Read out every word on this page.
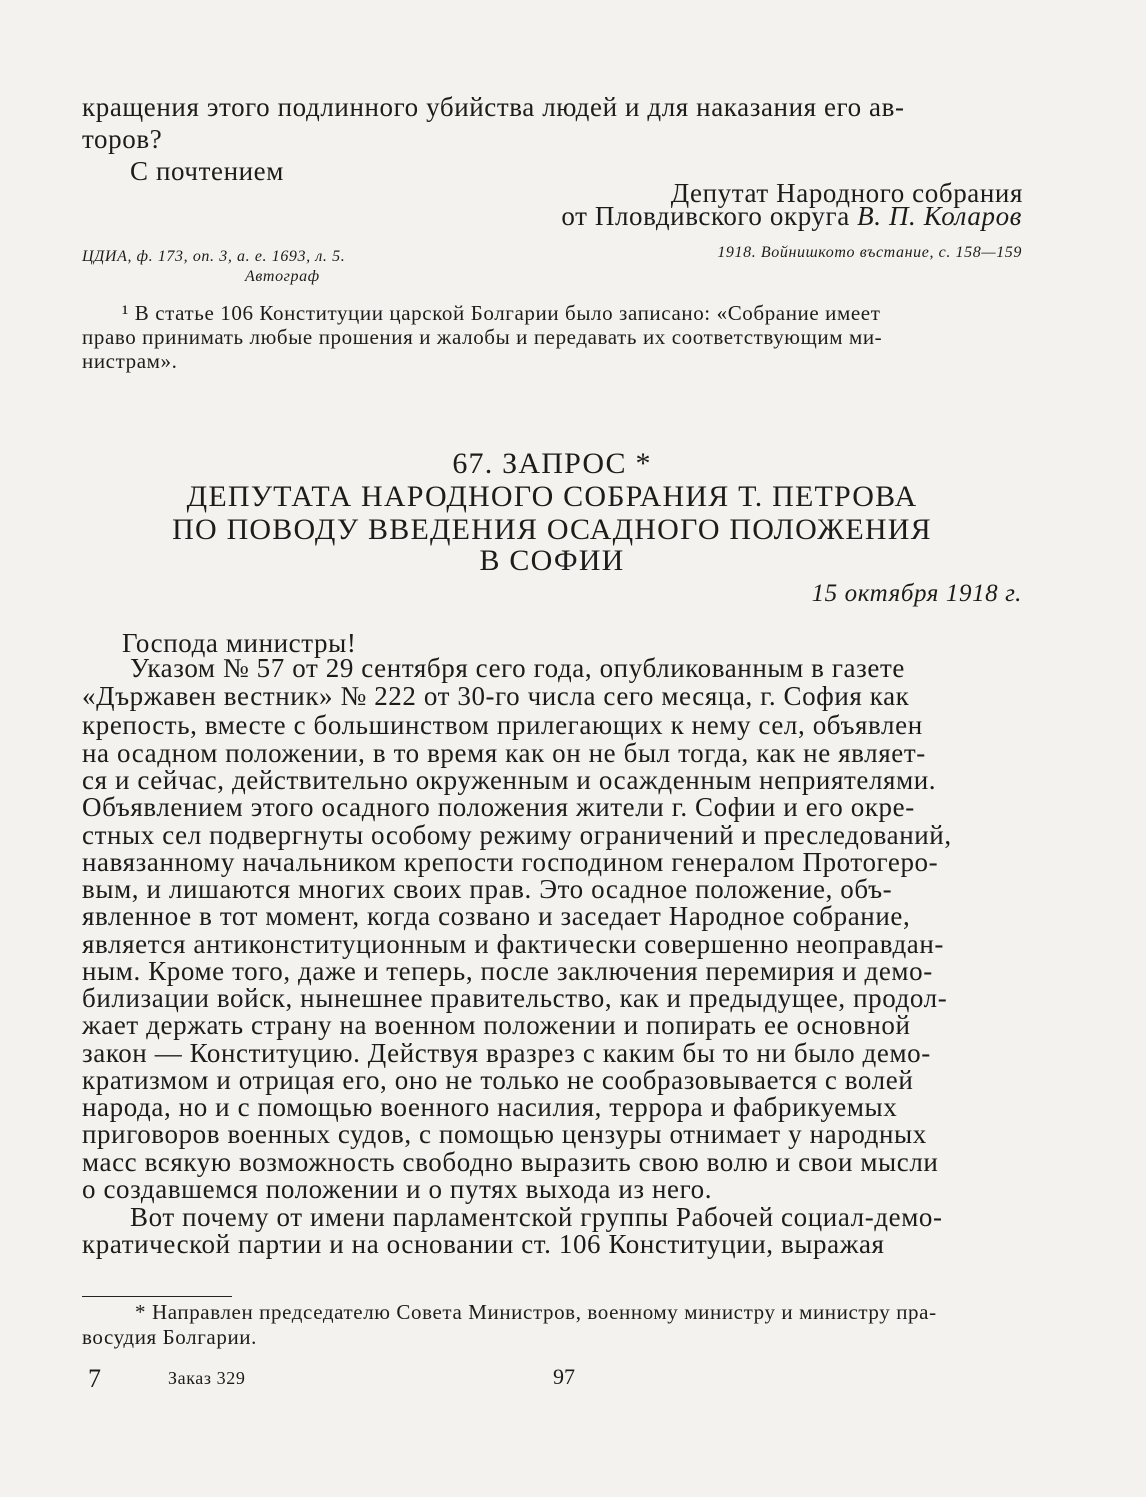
кращения этого подлинного убийства людей и для наказания его ав-
торов?
С почтением
Депутат Народного собрания
от Пловдивского округа В. П. Коларов
ЦДИА, ф. 173, оп. 3, а. е. 1693, л. 5.
Автограф
1918. Войнишкото въстание, с. 158—159
¹ В статье 106 Конституции царской Болгарии было записано: «Собрание имеет
право принимать любые прошения и жалобы и передавать их соответствующим ми-
нистрам».
67. ЗАПРОС *
ДЕПУТАТА НАРОДНОГО СОБРАНИЯ Т. ПЕТРОВА
ПО ПОВОДУ ВВЕДЕНИЯ ОСАДНОГО ПОЛОЖЕНИЯ
В СОФИИ
15 октября 1918 г.
Господа министры!
Указом № 57 от 29 сентября сего года, опубликованным в газете
«Държавен вестник» № 222 от 30-го числа сего месяца, г. София как
крепость, вместе с большинством прилегающих к нему сел, объявлен
на осадном положении, в то время как он не был тогда, как не являет-
ся и сейчас, действительно окруженным и осажденным неприятелями.
Объявлением этого осадного положения жители г. Софии и его окре-
стных сел подвергнуты особому режиму ограничений и преследований,
навязанному начальником крепости господином генералом Протогеро-
вым, и лишаются многих своих прав. Это осадное положение, объ-
явленное в тот момент, когда созвано и заседает Народное собрание,
является антиконституционным и фактически совершенно неоправдан-
ным. Кроме того, даже и теперь, после заключения перемирия и демо-
билизации войск, нынешнее правительство, как и предыдущее, продол-
жает держать страну на военном положении и попирать ее основной
закон — Конституцию. Действуя вразрез с каким бы то ни было демо-
кратизмом и отрицая его, оно не только не сообразовывается с волей
народа, но и с помощью военного насилия, террора и фабрикуемых
приговоров военных судов, с помощью цензуры отнимает у народных
масс всякую возможность свободно выразить свою волю и свои мысли
о создавшемся положении и о путях выхода из него.
Вот почему от имени парламентской группы Рабочей социал-демо-
кратической партии и на основании ст. 106 Конституции, выражая
* Направлен председателю Совета Министров, военному министру и министру пра-
восудия Болгарии.
7	Заказ 329	97
